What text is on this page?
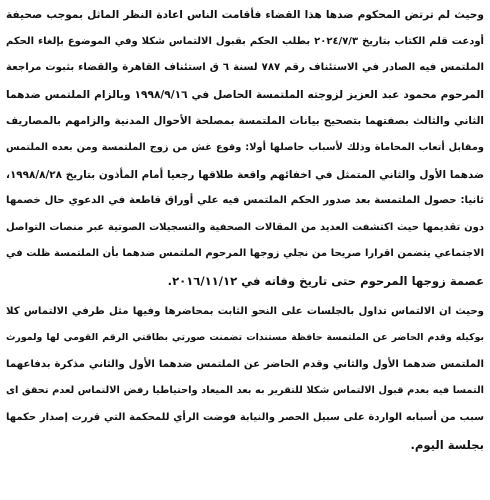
وحيث لم ترتض المحكوم ضدها هذا القضاء فأقامت الناس اعادة النظر الماثل بموجب صحيفة
أودعت قلم الكتاب بتاريخ ٢٠٢٤/٧/٣ بطلب الحكم بقبول الالتماس شكلا وفي الموضوع بإلغاء الحكم
الملتمس فيه الصادر في الاستئناف رقم ٧٨٧ لسنة ٦ ق استئناف القاهرة والقضاء بثبوت مراجعة
المرحوم محمود عبد العزيز لزوجته الملتمسة الحاصل في ١٩٩٨/٩/١٦ وبالزام الملتمس ضدهما
الثاني والثالث بصفتهما بتصحيح بيانات الملتمسة بمصلحة الأحوال المدنية والزامهم بالمصاريف
ومقابل أتعاب المحاماة وذلك لأسباب حاصلها أولا: وقوع غش من زوج الملتمسة ومن بعده الملتمس
ضدهما الأول والثاني المتمثل في اخفائهم واقعة طلاقها رجعيا أمام المأذون بتاريخ ١٩٩٨/٨/٢٨،
ثانيا: حصول الملتمسة بعد صدور الحكم الملتمس فيه علي أوراق قاطعة في الدعوي حال خصمها
دون تقديمها حيث اكتشفت العديد من المقالات الصحفية والتسجيلات الصوتية عبر منصات التواصل
الاجتماعي يتضمن اقرارا صريحا من نجلي زوجها المرحوم الملتمس ضدهما بأن الملتمسة ظلت في
عصمة زوجها المرحوم حتى تاريخ وفاته في ٢٠١٦/١١/١٢.
وحيث ان الالتماس تداول بالجلسات على النحو الثابت بمحاضرها وفيها مثل طرفي الالتماس كلا
بوكيله وقدم الحاضر عن الملتمسة حافظة مستندات تضمنت صورتي بطاقتي الرقم القومي لها ولمورث
الملتمس ضدهما الأول والثاني وقدم الحاضر عن الملتمس ضدهما الأول والثاني مذكرة بدفاعهما
التمسا فيه بعدم قبول الالتماس شكلا للتقرير به بعد الميعاد واحتياطيا رفض الالتماس لعدم تحقق اى
سبب من أسبابه الواردة على سبيل الحصر والنيابة فوضت الرأي للمحكمة التي قررت إصدار حكمها
بجلسة اليوم.
